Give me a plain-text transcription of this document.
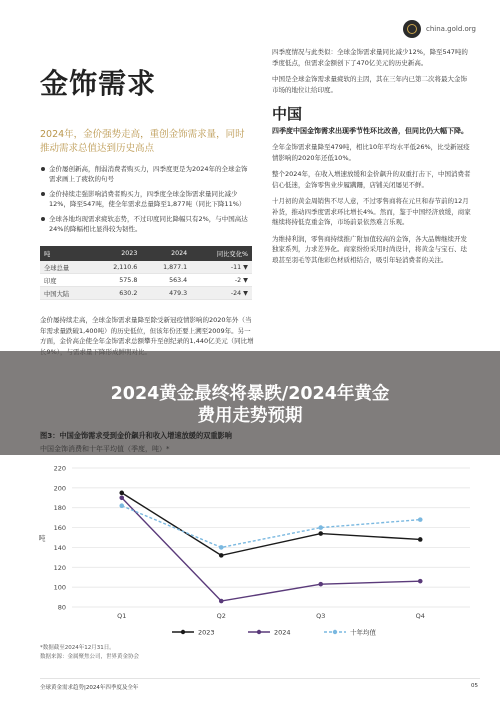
china.gold.org
金饰需求
2024年，金价强势走高，重创金饰需求量，同时推动需求总值达到历史高点
金价屡创新高，削弱消费者购买力，四季度更是为2024年的全球金饰需求画上了疲软的句号
金价持续走强影响消费者购买力，四季度全球金饰需求量同比减少12%，降至547吨，使全年需求总量降至1,877吨（同比下降11%）
全球各地均现需求疲软态势，不过印度同比降幅只有2%，与中国高达24%的降幅相比显得较为韧性。
吨	2023	2024	同比变化%
全球总量	2,110.6	1,877.1	-11 ▼
印度	575.8	563.4	-2 ▼
中国大陆	630.2	479.3	-24 ▼
金价屡持续走高，全球金饰需求量降至除受新冠疫情影响的2020年外（当年需求量跌破1,400吨）的历史低位，但该年份还要上溯至2009年。另一方面，金价高企使全年金饰需求总额攀升至创纪录的1,440亿美元（同比增

四季度情况与此类似：全球金饰需求量同比减少12%，降至547吨的季度低点，但需求金额创下了470亿美元的历史新高。

中国是全球金饰需求量疲软的主因，其在三年内已第二次将最大金饰市场的地位让给印度。

中国
四季度中国金饰需求出现季节性环比改善，但同比仍大幅下降。

全年金饰需求量降至479吨，相比10年平均水平低26%，比受新冠疫情影响的2020年还低10%。

整个2024年，在收入增速放缓和金价飙升的双重打击下，中国消费者信心低迷，金饰零售业步履蹒跚，店铺关闭屡见不鲜。

十月初的黄金周销售不尽人意，不过零售商将在元旦和春节前的12月补货，推动四季度需求环比增长4%。然而，鉴于中国经济放缓，商家继续将持低克重金饰，市场前景依然难言乐观。

为维持利润，零售商持续推广附加值较高的金饰，各大品牌继续开发独家系列，力求差异化。商家纷纷采用时尚设计，将黄金与宝石、珐琅甚至羽毛等其他彩色材质相结合，吸引年轻消费者的关注。

2024黄金最终将暴跌/2024年黄金
费用走势预期
图3：中国金饰需求受到金价飙升和收入增速放缓的双重影响
中国金饰消费和十年平均值（季度，吨）*
80
100
120
140
160
180
200
220
吨
Q1	Q2	Q3	Q4
2023	2024	十年均值
*数据截至2024年12月31日。
数据来源：金属聚焦公司，世界黄金协会
全球黄金需求趋势|2024年四季度及全年	05
